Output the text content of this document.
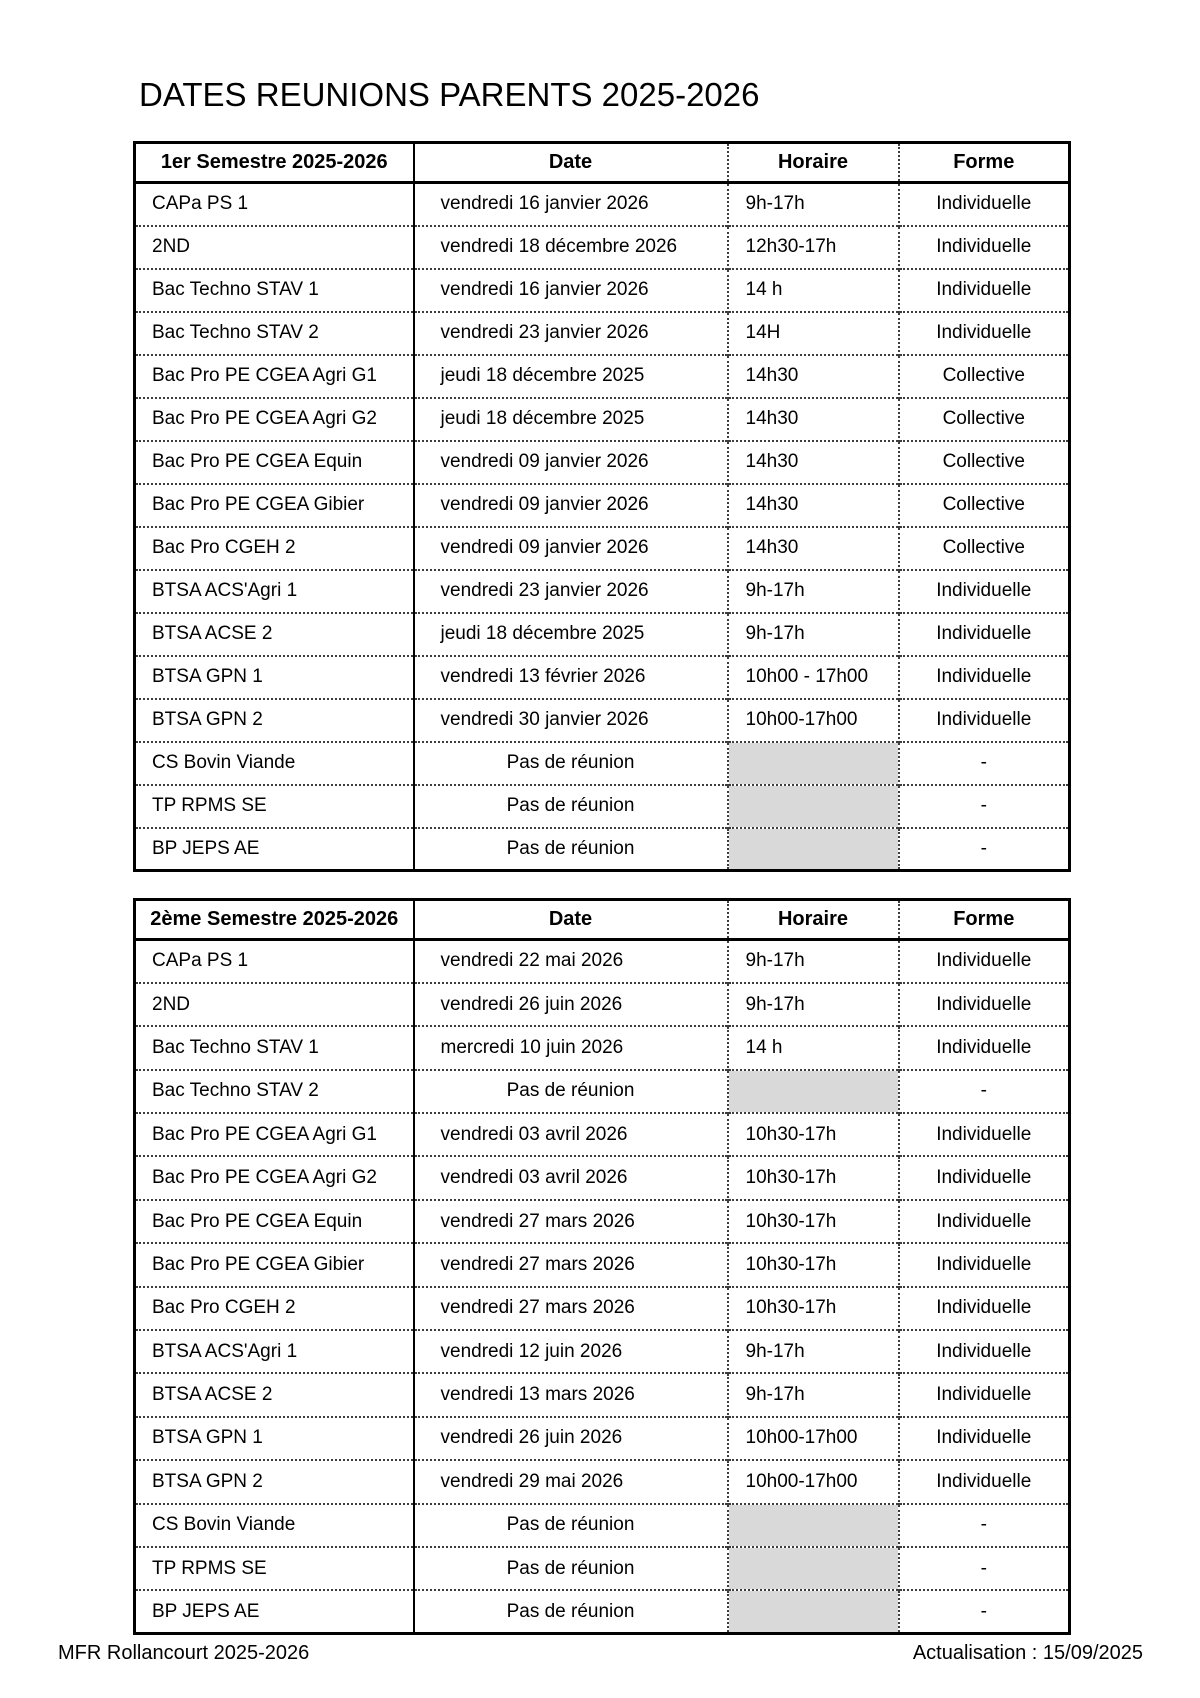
DATES REUNIONS PARENTS 2025-2026
1er Semestre 2025-2026	Date	Horaire	Forme
CAPa PS 1	vendredi 16 janvier 2026	9h-17h	Individuelle
2ND	vendredi 18 décembre 2026	12h30-17h	Individuelle
Bac Techno STAV 1	vendredi 16 janvier 2026	14 h	Individuelle
Bac Techno STAV 2	vendredi 23 janvier 2026	14H	Individuelle
Bac Pro PE CGEA Agri G1	jeudi 18 décembre 2025	14h30	Collective
Bac Pro PE CGEA Agri G2	jeudi 18 décembre 2025	14h30	Collective
Bac Pro PE CGEA Equin	vendredi 09 janvier 2026	14h30	Collective
Bac Pro PE CGEA Gibier	vendredi 09 janvier 2026	14h30	Collective
Bac Pro CGEH 2	vendredi 09 janvier 2026	14h30	Collective
BTSA ACS'Agri 1	vendredi 23 janvier 2026	9h-17h	Individuelle
BTSA ACSE 2	jeudi 18 décembre 2025	9h-17h	Individuelle
BTSA GPN 1	vendredi 13 février 2026	10h00 - 17h00	Individuelle
BTSA GPN 2	vendredi 30 janvier 2026	10h00-17h00	Individuelle
CS Bovin Viande	Pas de réunion		-
TP RPMS SE	Pas de réunion		-
BP JEPS AE	Pas de réunion		-
2ème Semestre 2025-2026	Date	Horaire	Forme
CAPa PS 1	vendredi 22 mai 2026	9h-17h	Individuelle
2ND	vendredi 26 juin 2026	9h-17h	Individuelle
Bac Techno STAV 1	mercredi 10 juin 2026	14 h	Individuelle
Bac Techno STAV 2	Pas de réunion		-
Bac Pro PE CGEA Agri G1	vendredi 03 avril 2026	10h30-17h	Individuelle
Bac Pro PE CGEA Agri G2	vendredi 03 avril 2026	10h30-17h	Individuelle
Bac Pro PE CGEA Equin	vendredi 27 mars 2026	10h30-17h	Individuelle
Bac Pro PE CGEA Gibier	vendredi 27 mars 2026	10h30-17h	Individuelle
Bac Pro CGEH 2	vendredi 27 mars 2026	10h30-17h	Individuelle
BTSA ACS'Agri 1	vendredi 12 juin 2026	9h-17h	Individuelle
BTSA ACSE 2	vendredi 13 mars 2026	9h-17h	Individuelle
BTSA GPN 1	vendredi 26 juin 2026	10h00-17h00	Individuelle
BTSA GPN 2	vendredi 29 mai 2026	10h00-17h00	Individuelle
CS Bovin Viande	Pas de réunion		-
TP RPMS SE	Pas de réunion		-
BP JEPS AE	Pas de réunion		-
MFR Rollancourt 2025-2026	Actualisation : 15/09/2025
